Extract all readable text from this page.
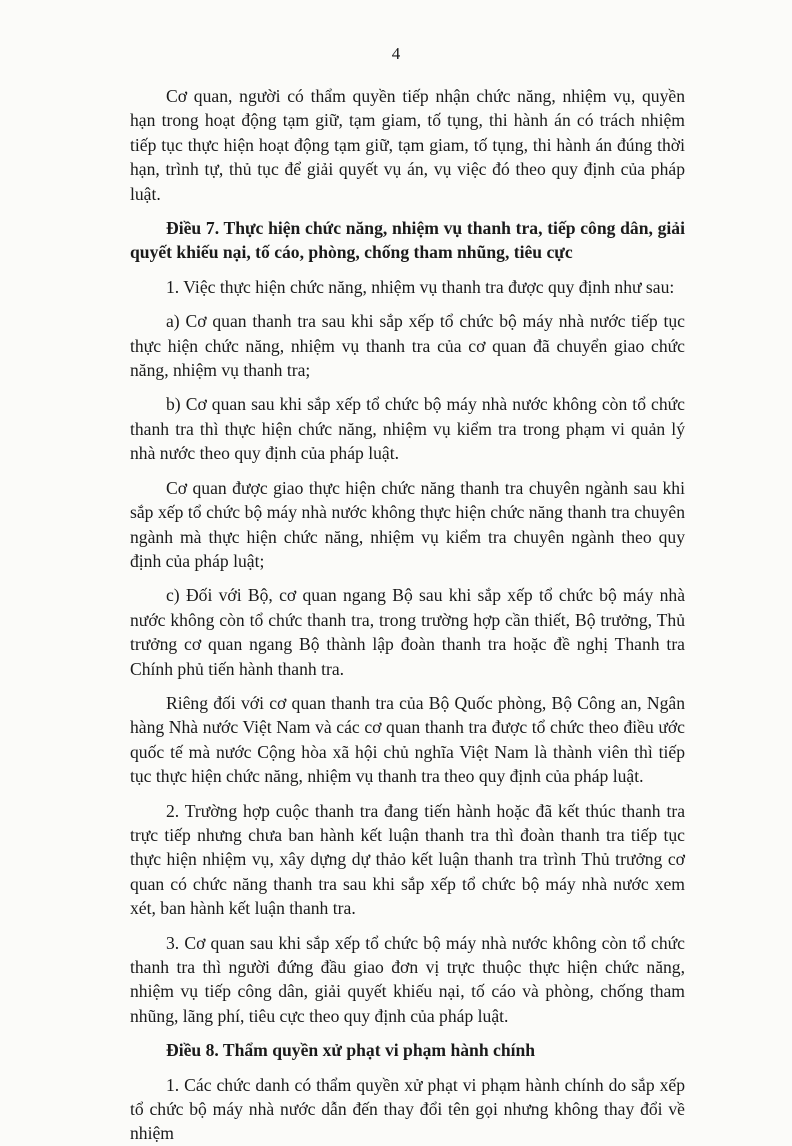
4

Cơ quan, người có thẩm quyền tiếp nhận chức năng, nhiệm vụ, quyền hạn trong hoạt động tạm giữ, tạm giam, tố tụng, thi hành án có trách nhiệm tiếp tục thực hiện hoạt động tạm giữ, tạm giam, tố tụng, thi hành án đúng thời hạn, trình tự, thủ tục để giải quyết vụ án, vụ việc đó theo quy định của pháp luật.

Điều 7. Thực hiện chức năng, nhiệm vụ thanh tra, tiếp công dân, giải quyết khiếu nại, tố cáo, phòng, chống tham nhũng, tiêu cực

1. Việc thực hiện chức năng, nhiệm vụ thanh tra được quy định như sau:

a) Cơ quan thanh tra sau khi sắp xếp tổ chức bộ máy nhà nước tiếp tục thực hiện chức năng, nhiệm vụ thanh tra của cơ quan đã chuyển giao chức năng, nhiệm vụ thanh tra;

b) Cơ quan sau khi sắp xếp tổ chức bộ máy nhà nước không còn tổ chức thanh tra thì thực hiện chức năng, nhiệm vụ kiểm tra trong phạm vi quản lý nhà nước theo quy định của pháp luật.

Cơ quan được giao thực hiện chức năng thanh tra chuyên ngành sau khi sắp xếp tổ chức bộ máy nhà nước không thực hiện chức năng thanh tra chuyên ngành mà thực hiện chức năng, nhiệm vụ kiểm tra chuyên ngành theo quy định của pháp luật;

c) Đối với Bộ, cơ quan ngang Bộ sau khi sắp xếp tổ chức bộ máy nhà nước không còn tổ chức thanh tra, trong trường hợp cần thiết, Bộ trưởng, Thủ trưởng cơ quan ngang Bộ thành lập đoàn thanh tra hoặc đề nghị Thanh tra Chính phủ tiến hành thanh tra.

Riêng đối với cơ quan thanh tra của Bộ Quốc phòng, Bộ Công an, Ngân hàng Nhà nước Việt Nam và các cơ quan thanh tra được tổ chức theo điều ước quốc tế mà nước Cộng hòa xã hội chủ nghĩa Việt Nam là thành viên thì tiếp tục thực hiện chức năng, nhiệm vụ thanh tra theo quy định của pháp luật.

2. Trường hợp cuộc thanh tra đang tiến hành hoặc đã kết thúc thanh tra trực tiếp nhưng chưa ban hành kết luận thanh tra thì đoàn thanh tra tiếp tục thực hiện nhiệm vụ, xây dựng dự thảo kết luận thanh tra trình Thủ trưởng cơ quan có chức năng thanh tra sau khi sắp xếp tổ chức bộ máy nhà nước xem xét, ban hành kết luận thanh tra.

3. Cơ quan sau khi sắp xếp tổ chức bộ máy nhà nước không còn tổ chức thanh tra thì người đứng đầu giao đơn vị trực thuộc thực hiện chức năng, nhiệm vụ tiếp công dân, giải quyết khiếu nại, tố cáo và phòng, chống tham nhũng, lãng phí, tiêu cực theo quy định của pháp luật.

Điều 8. Thẩm quyền xử phạt vi phạm hành chính

1. Các chức danh có thẩm quyền xử phạt vi phạm hành chính do sắp xếp tổ chức bộ máy nhà nước dẫn đến thay đổi tên gọi nhưng không thay đổi về nhiệm
